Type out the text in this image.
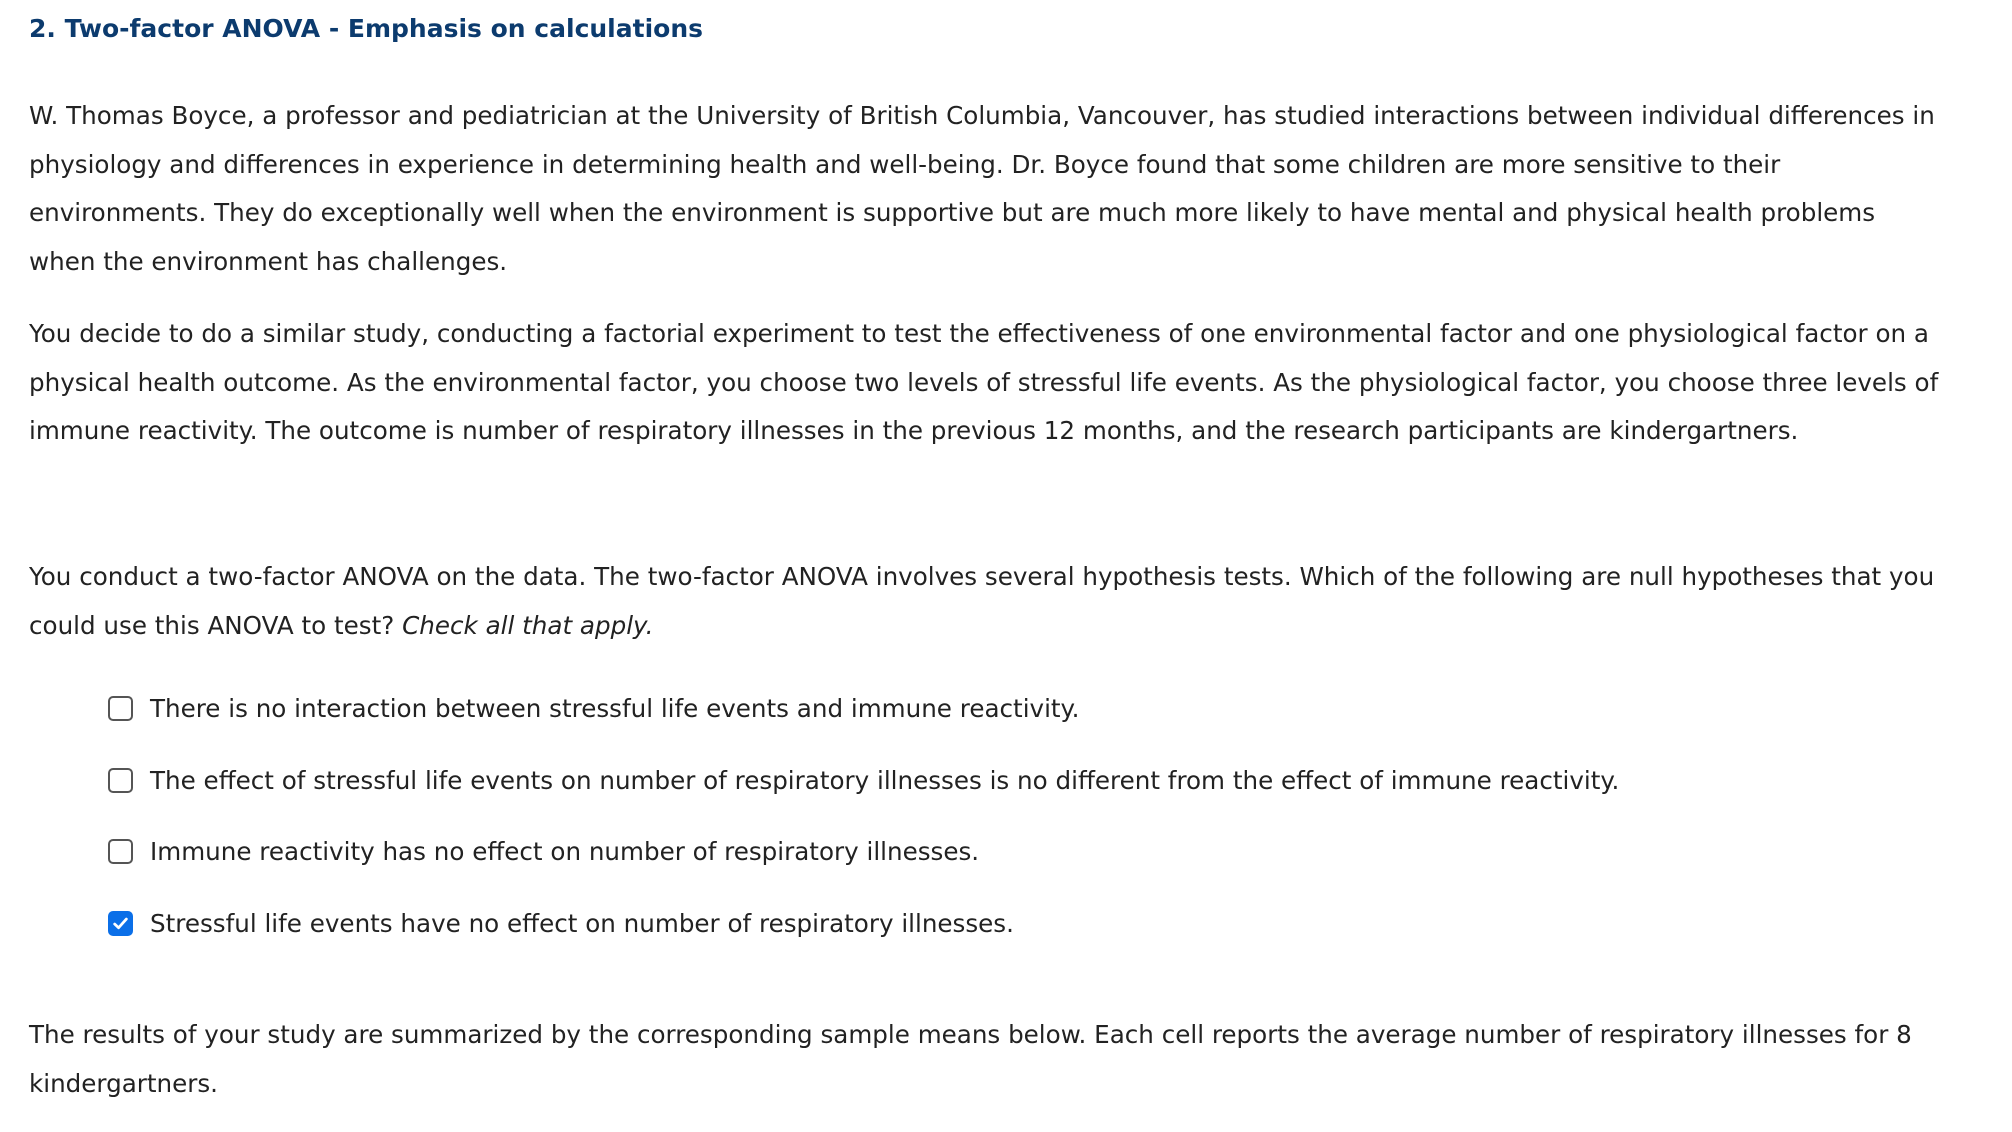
2. Two-factor ANOVA - Emphasis on calculations

W. Thomas Boyce, a professor and pediatrician at the University of British Columbia, Vancouver, has studied interactions between individual differences in physiology and differences in experience in determining health and well-being. Dr. Boyce found that some children are more sensitive to their environments. They do exceptionally well when the environment is supportive but are much more likely to have mental and physical health problems when the environment has challenges.

You decide to do a similar study, conducting a factorial experiment to test the effectiveness of one environmental factor and one physiological factor on a physical health outcome. As the environmental factor, you choose two levels of stressful life events. As the physiological factor, you choose three levels of immune reactivity. The outcome is number of respiratory illnesses in the previous 12 months, and the research participants are kindergartners.

You conduct a two-factor ANOVA on the data. The two-factor ANOVA involves several hypothesis tests. Which of the following are null hypotheses that you could use this ANOVA to test? Check all that apply.

There is no interaction between stressful life events and immune reactivity.
The effect of stressful life events on number of respiratory illnesses is no different from the effect of immune reactivity.
Immune reactivity has no effect on number of respiratory illnesses.
Stressful life events have no effect on number of respiratory illnesses.

The results of your study are summarized by the corresponding sample means below. Each cell reports the average number of respiratory illnesses for 8 kindergartners.
